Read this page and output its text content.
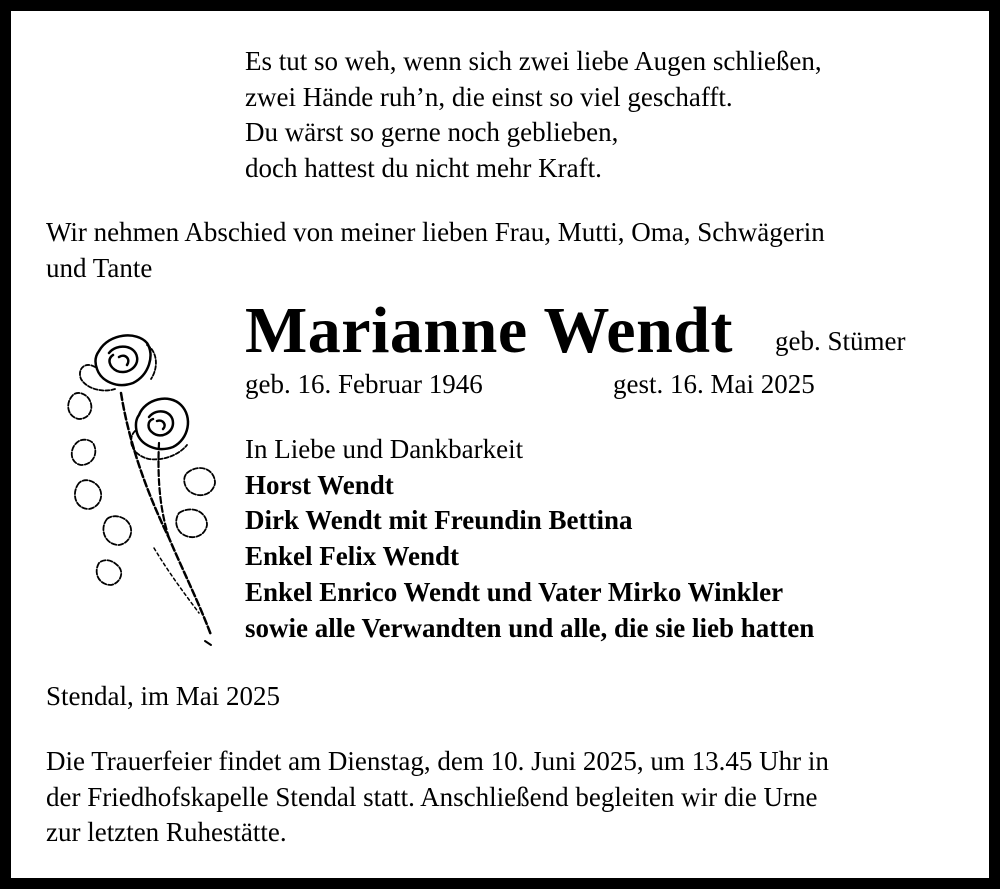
Es tut so weh, wenn sich zwei liebe Augen schließen,
zwei Hände ruh’n, die einst so viel geschafft.
Du wärst so gerne noch geblieben,
doch hattest du nicht mehr Kraft.
Wir nehmen Abschied von meiner lieben Frau, Mutti, Oma, Schwägerin
und Tante
Marianne Wendt geb. Stümer
geb. 16. Februar 1946	gest. 16. Mai 2025
In Liebe und Dankbarkeit
Horst Wendt
Dirk Wendt mit Freundin Bettina
Enkel Felix Wendt
Enkel Enrico Wendt und Vater Mirko Winkler
sowie alle Verwandten und alle, die sie lieb hatten
Stendal, im Mai 2025
Die Trauerfeier findet am Dienstag, dem 10. Juni 2025, um 13.45 Uhr in
der Friedhofskapelle Stendal statt. Anschließend begleiten wir die Urne
zur letzten Ruhestätte.
